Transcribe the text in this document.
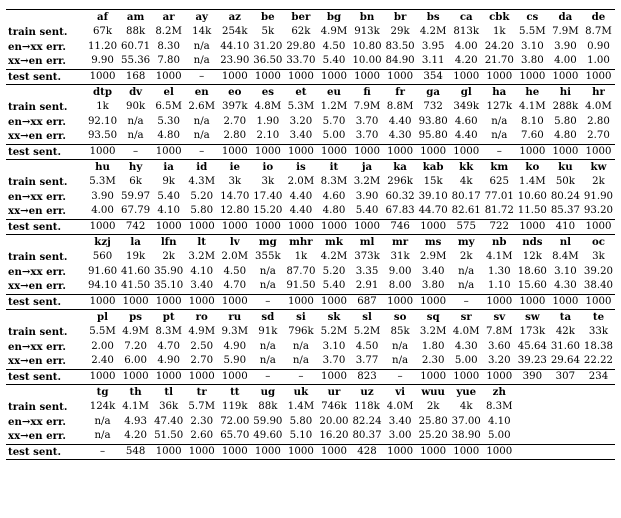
	af	am	ar	ay	az	be	ber	bg	bn	br	bs	ca	cbk	cs	da	de
train sent.	67k	88k	8.2M	14k	254k	5k	62k	4.9M	913k	29k	4.2M	813k	1k	5.5M	7.9M	8.7M
en→xx err.	11.20	60.71	8.30	n/a	44.10	31.20	29.80	4.50	10.80	83.50	3.95	4.00	24.20	3.10	3.90	0.90
xx→en err.	9.90	55.36	7.80	n/a	23.90	36.50	33.70	5.40	10.00	84.90	3.11	4.20	21.70	3.80	4.00	1.00
test sent.	1000	168	1000	–	1000	1000	1000	1000	1000	1000	354	1000	1000	1000	1000	1000
	dtp	dv	el	en	eo	es	et	eu	fi	fr	ga	gl	ha	he	hi	hr
train sent.	1k	90k	6.5M	2.6M	397k	4.8M	5.3M	1.2M	7.9M	8.8M	732	349k	127k	4.1M	288k	4.0M
en→xx err.	92.10	n/a	5.30	n/a	2.70	1.90	3.20	5.70	3.70	4.40	93.80	4.60	n/a	8.10	5.80	2.80
xx→en err.	93.50	n/a	4.80	n/a	2.80	2.10	3.40	5.00	3.70	4.30	95.80	4.40	n/a	7.60	4.80	2.70
test sent.	1000	–	1000	–	1000	1000	1000	1000	1000	1000	1000	1000	–	1000	1000	1000
	hu	hy	ia	id	ie	io	is	it	ja	ka	kab	kk	km	ko	ku	kw
train sent.	5.3M	6k	9k	4.3M	3k	3k	2.0M	8.3M	3.2M	296k	15k	4k	625	1.4M	50k	2k
en→xx err.	3.90	59.97	5.40	5.20	14.70	17.40	4.40	4.60	3.90	60.32	39.10	80.17	77.01	10.60	80.24	91.90
xx→en err.	4.00	67.79	4.10	5.80	12.80	15.20	4.40	4.80	5.40	67.83	44.70	82.61	81.72	11.50	85.37	93.20
test sent.	1000	742	1000	1000	1000	1000	1000	1000	1000	746	1000	575	722	1000	410	1000
	kzj	la	lfn	lt	lv	mg	mhr	mk	ml	mr	ms	my	nb	nds	nl	oc
train sent.	560	19k	2k	3.2M	2.0M	355k	1k	4.2M	373k	31k	2.9M	2k	4.1M	12k	8.4M	3k
en→xx err.	91.60	41.60	35.90	4.10	4.50	n/a	87.70	5.20	3.35	9.00	3.40	n/a	1.30	18.60	3.10	39.20
xx→en err.	94.10	41.50	35.10	3.40	4.70	n/a	91.50	5.40	2.91	8.00	3.80	n/a	1.10	15.60	4.30	38.40
test sent.	1000	1000	1000	1000	1000	–	1000	1000	687	1000	1000	–	1000	1000	1000	1000
	pl	ps	pt	ro	ru	sd	si	sk	sl	so	sq	sr	sv	sw	ta	te
train sent.	5.5M	4.9M	8.3M	4.9M	9.3M	91k	796k	5.2M	5.2M	85k	3.2M	4.0M	7.8M	173k	42k	33k
en→xx err.	2.00	7.20	4.70	2.50	4.90	n/a	n/a	3.10	4.50	n/a	1.80	4.30	3.60	45.64	31.60	18.38
xx→en err.	2.40	6.00	4.90	2.70	5.90	n/a	n/a	3.70	3.77	n/a	2.30	5.00	3.20	39.23	29.64	22.22
test sent.	1000	1000	1000	1000	1000	–	–	1000	823	–	1000	1000	1000	390	307	234
	tg	th	tl	tr	tt	ug	uk	ur	uz	vi	wuu	yue	zh			
train sent.	124k	4.1M	36k	5.7M	119k	88k	1.4M	746k	118k	4.0M	2k	4k	8.3M			
en→xx err.	n/a	4.93	47.40	2.30	72.00	59.90	5.80	20.00	82.24	3.40	25.80	37.00	4.10			
xx→en err.	n/a	4.20	51.50	2.60	65.70	49.60	5.10	16.20	80.37	3.00	25.20	38.90	5.00			
test sent.	–	548	1000	1000	1000	1000	1000	1000	428	1000	1000	1000	1000			
